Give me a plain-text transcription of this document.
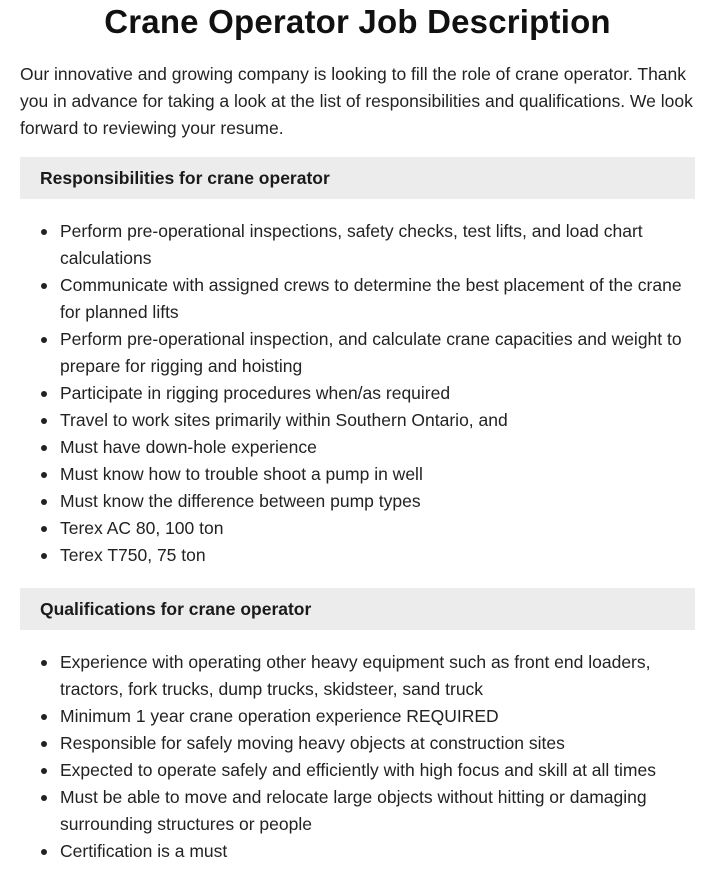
Crane Operator Job Description

Our innovative and growing company is looking to fill the role of crane operator. Thank you in advance for taking a look at the list of responsibilities and qualifications. We look forward to reviewing your resume.

Responsibilities for crane operator
Perform pre-operational inspections, safety checks, test lifts, and load chart calculations
Communicate with assigned crews to determine the best placement of the crane for planned lifts
Perform pre-operational inspection, and calculate crane capacities and weight to prepare for rigging and hoisting
Participate in rigging procedures when/as required
Travel to work sites primarily within Southern Ontario, and
Must have down-hole experience
Must know how to trouble shoot a pump in well
Must know the difference between pump types
Terex AC 80, 100 ton
Terex T750, 75 ton
Qualifications for crane operator
Experience with operating other heavy equipment such as front end loaders, tractors, fork trucks, dump trucks, skidsteer, sand truck
Minimum 1 year crane operation experience REQUIRED
Responsible for safely moving heavy objects at construction sites
Expected to operate safely and efficiently with high focus and skill at all times
Must be able to move and relocate large objects without hitting or damaging surrounding structures or people
Certification is a must
